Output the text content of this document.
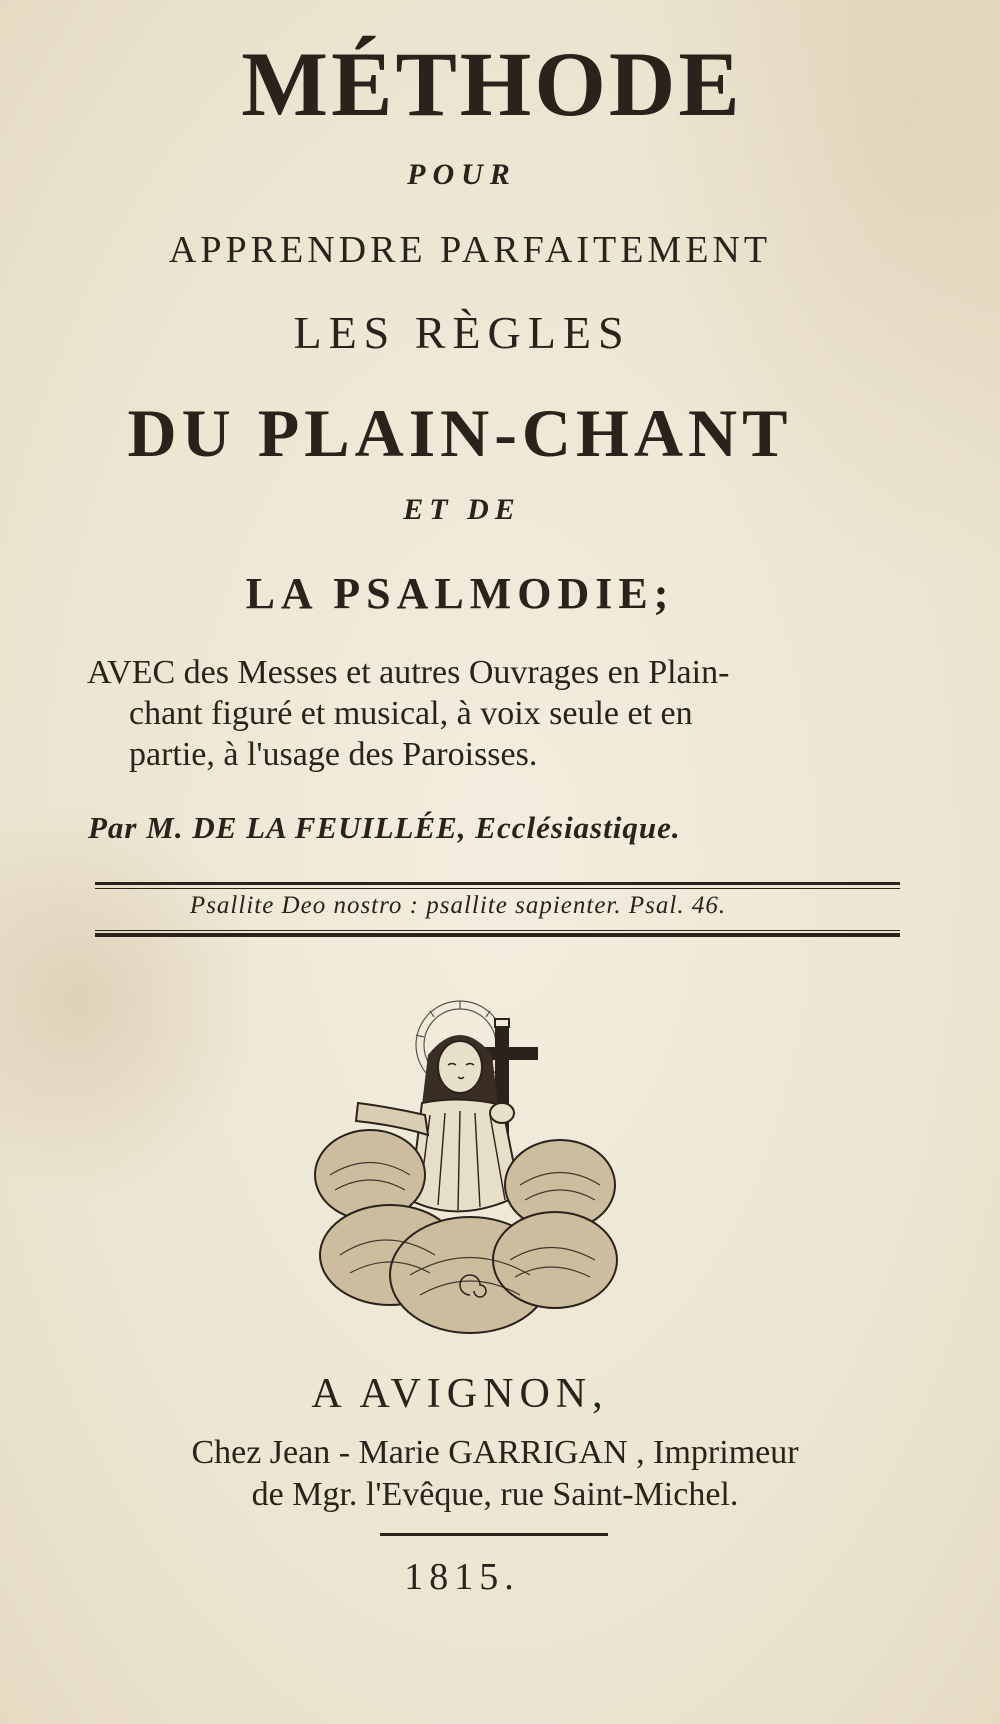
MÉTHODE
POUR
APPRENDRE PARFAITEMENT
LES RÈGLES
DU PLAIN-CHANT
ET DE
LA PSALMODIE;
AVEC des Messes et autres Ouvrages en Plain-
chant figuré et musical, à voix seule et en
partie, à l'usage des Paroisses.
Par M. DE LA FEUILLÉE, Ecclésiastique.
Psallite Deo nostro : psallite sapienter. Psal. 46.
A AVIGNON,
Chez Jean - Marie GARRIGAN , Imprimeur
de Mgr. l'Evêque, rue Saint-Michel.
1815.
